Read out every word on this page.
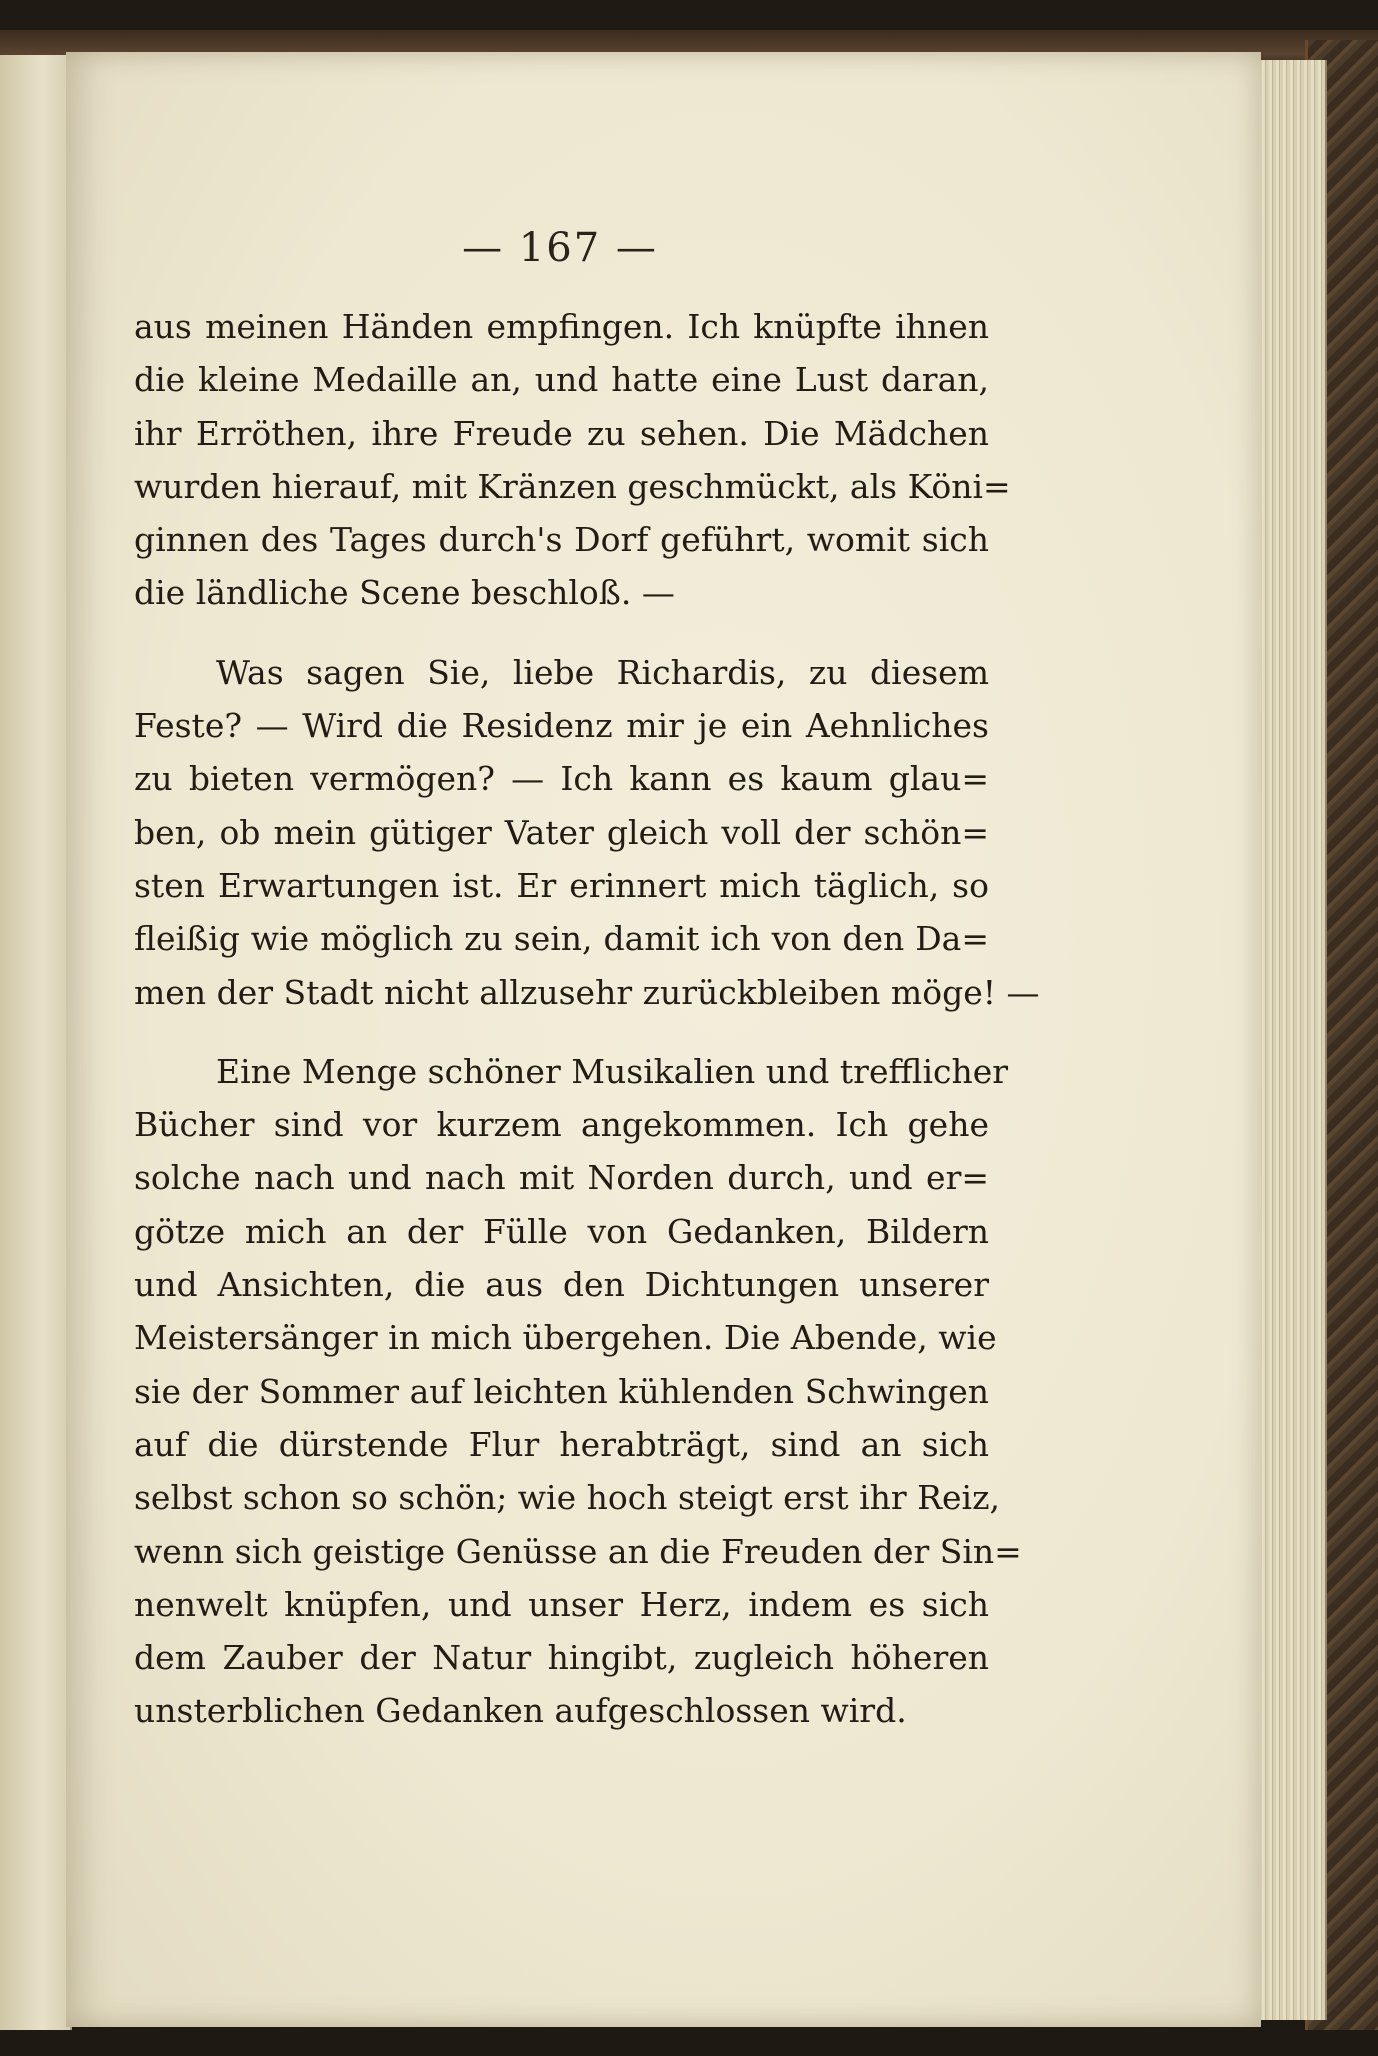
— 167 —

aus meinen Händen empfingen. Ich knüpfte ihnen
die kleine Medaille an, und hatte eine Lust daran,
ihr Erröthen, ihre Freude zu sehen. Die Mädchen
wurden hierauf, mit Kränzen geschmückt, als Köni=
ginnen des Tages durch's Dorf geführt, womit sich
die ländliche Scene beschloß. —

Was sagen Sie, liebe Richardis, zu diesem
Feste? — Wird die Residenz mir je ein Aehnliches
zu bieten vermögen? — Ich kann es kaum glau=
ben, ob mein gütiger Vater gleich voll der schön=
sten Erwartungen ist. Er erinnert mich täglich, so
fleißig wie möglich zu sein, damit ich von den Da=
men der Stadt nicht allzusehr zurückbleiben möge! —

Eine Menge schöner Musikalien und trefflicher
Bücher sind vor kurzem angekommen. Ich gehe
solche nach und nach mit Norden durch, und er=
götze mich an der Fülle von Gedanken, Bildern
und Ansichten, die aus den Dichtungen unserer
Meistersänger in mich übergehen. Die Abende, wie
sie der Sommer auf leichten kühlenden Schwingen
auf die dürstende Flur herabträgt, sind an sich
selbst schon so schön; wie hoch steigt erst ihr Reiz,
wenn sich geistige Genüsse an die Freuden der Sin=
nenwelt knüpfen, und unser Herz, indem es sich
dem Zauber der Natur hingibt, zugleich höheren
unsterblichen Gedanken aufgeschlossen wird.
